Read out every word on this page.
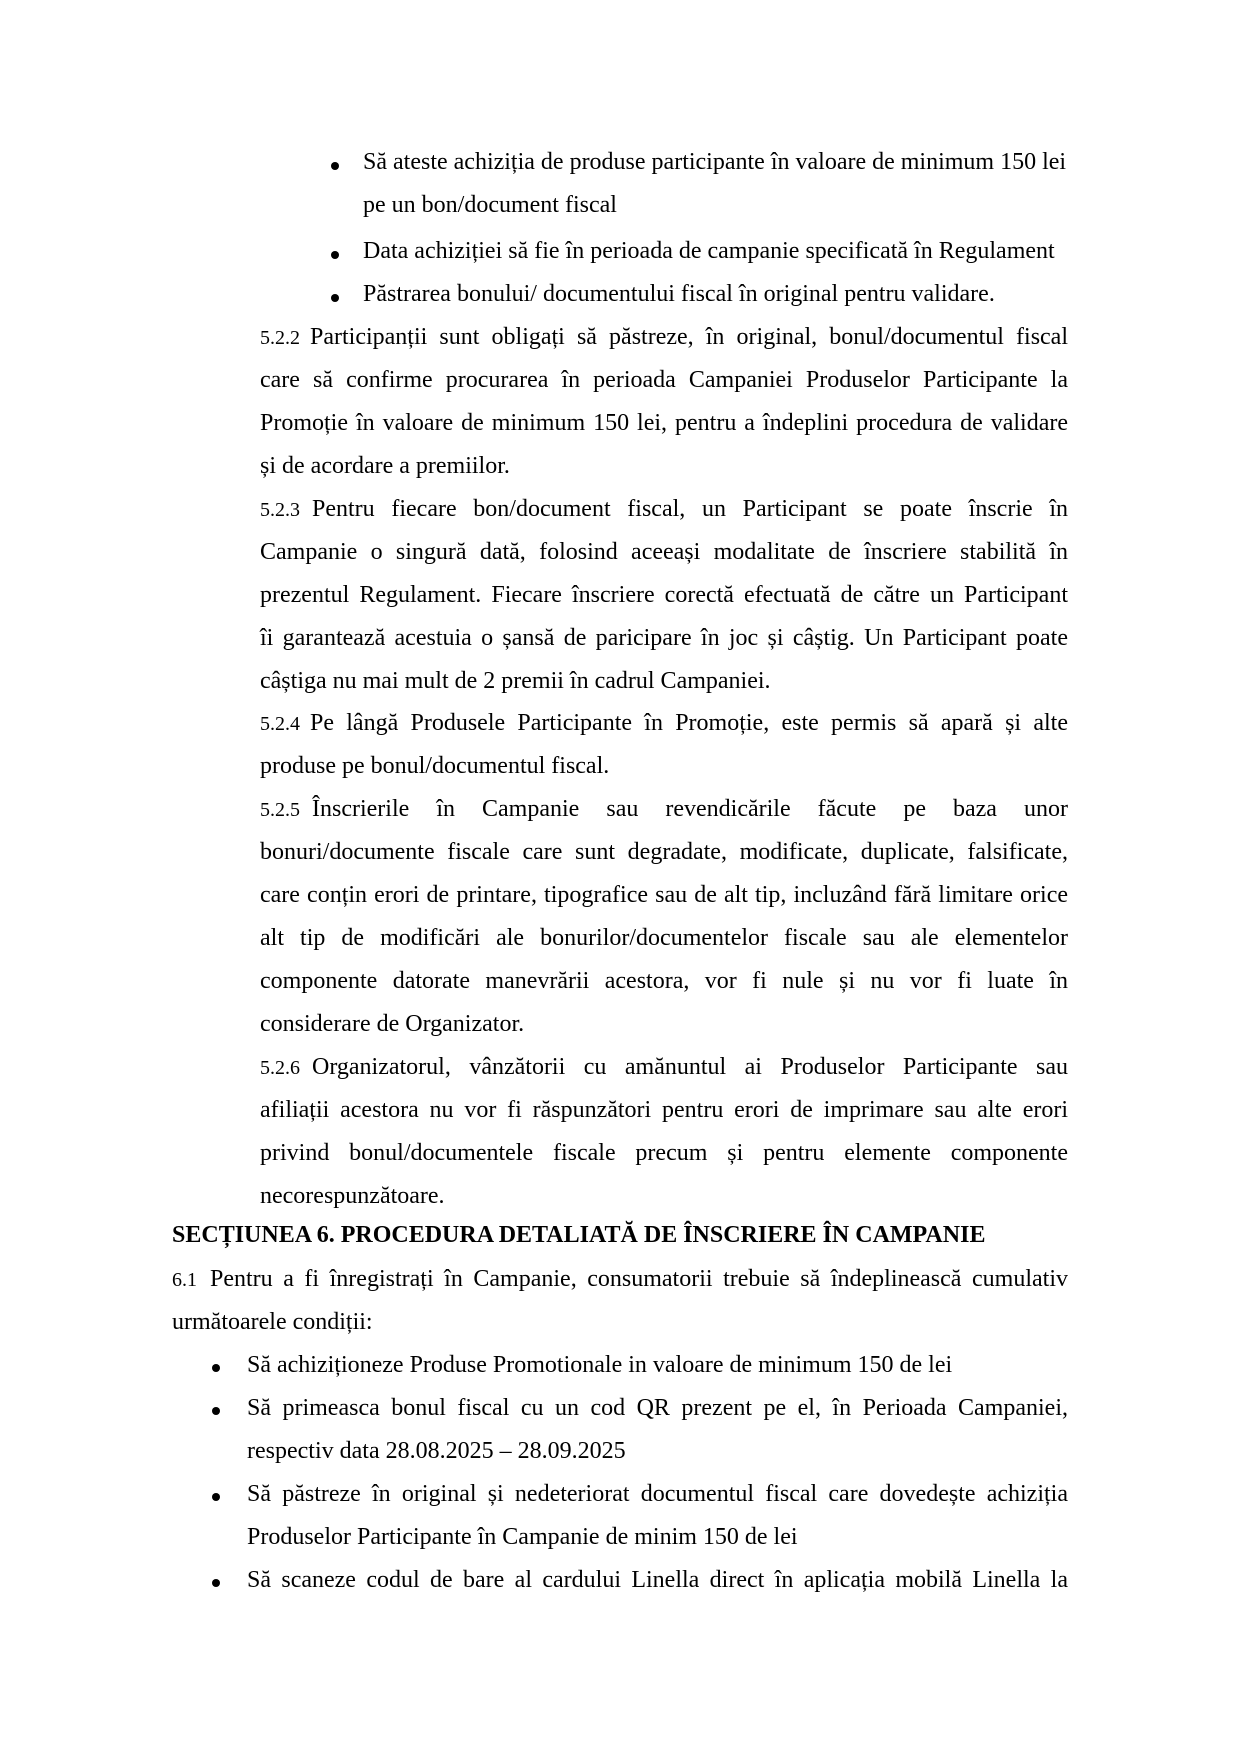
Să ateste achiziția de produse participante în valoare de minimum 150 lei
pe un bon/document fiscal
Data achiziției să fie în perioada de campanie specificată în Regulament
Păstrarea bonului/ documentului fiscal în original pentru validare.
5.2.2 Participanții sunt obligați să păstreze, în original, bonul/documentul fiscal
care să confirme procurarea în perioada Campaniei Produselor Participante la
Promoție în valoare de minimum 150 lei, pentru a îndeplini procedura de validare
și de acordare a premiilor.
5.2.3 Pentru fiecare bon/document fiscal, un Participant se poate înscrie în
Campanie o singură dată, folosind aceeași modalitate de înscriere stabilită în
prezentul Regulament. Fiecare înscriere corectă efectuată de către un Participant
îi garantează acestuia o șansă de paricipare în joc și câștig. Un Participant poate
câștiga nu mai mult de 2 premii în cadrul Campaniei.
5.2.4 Pe lângă Produsele Participante în Promoție, este permis să apară și alte
produse pe bonul/documentul fiscal.
5.2.5 Înscrierile în Campanie sau revendicările făcute pe baza unor
bonuri/documente fiscale care sunt degradate, modificate, duplicate, falsificate,
care conțin erori de printare, tipografice sau de alt tip, incluzând fără limitare orice
alt tip de modificări ale bonurilor/documentelor fiscale sau ale elementelor
componente datorate manevrării acestora, vor fi nule și nu vor fi luate în
considerare de Organizator.
5.2.6 Organizatorul, vânzătorii cu amănuntul ai Produselor Participante sau
afiliații acestora nu vor fi răspunzători pentru erori de imprimare sau alte erori
privind bonul/documentele fiscale precum și pentru elemente componente
necorespunzătoare.
SECȚIUNEA 6. PROCEDURA DETALIATĂ DE ÎNSCRIERE ÎN CAMPANIE
6.1 Pentru a fi înregistrați în Campanie, consumatorii trebuie să îndeplinească cumulativ
următoarele condiții:
Să achiziționeze Produse Promotionale in valoare de minimum 150 de lei
Să primeasca bonul fiscal cu un cod QR prezent pe el, în Perioada Campaniei,
respectiv data 28.08.2025 – 28.09.2025
Să păstreze în original și nedeteriorat documentul fiscal care dovedește achiziția
Produselor Participante în Campanie de minim 150 de lei
Să scaneze codul de bare al cardului Linella direct în aplicația mobilă Linella la
